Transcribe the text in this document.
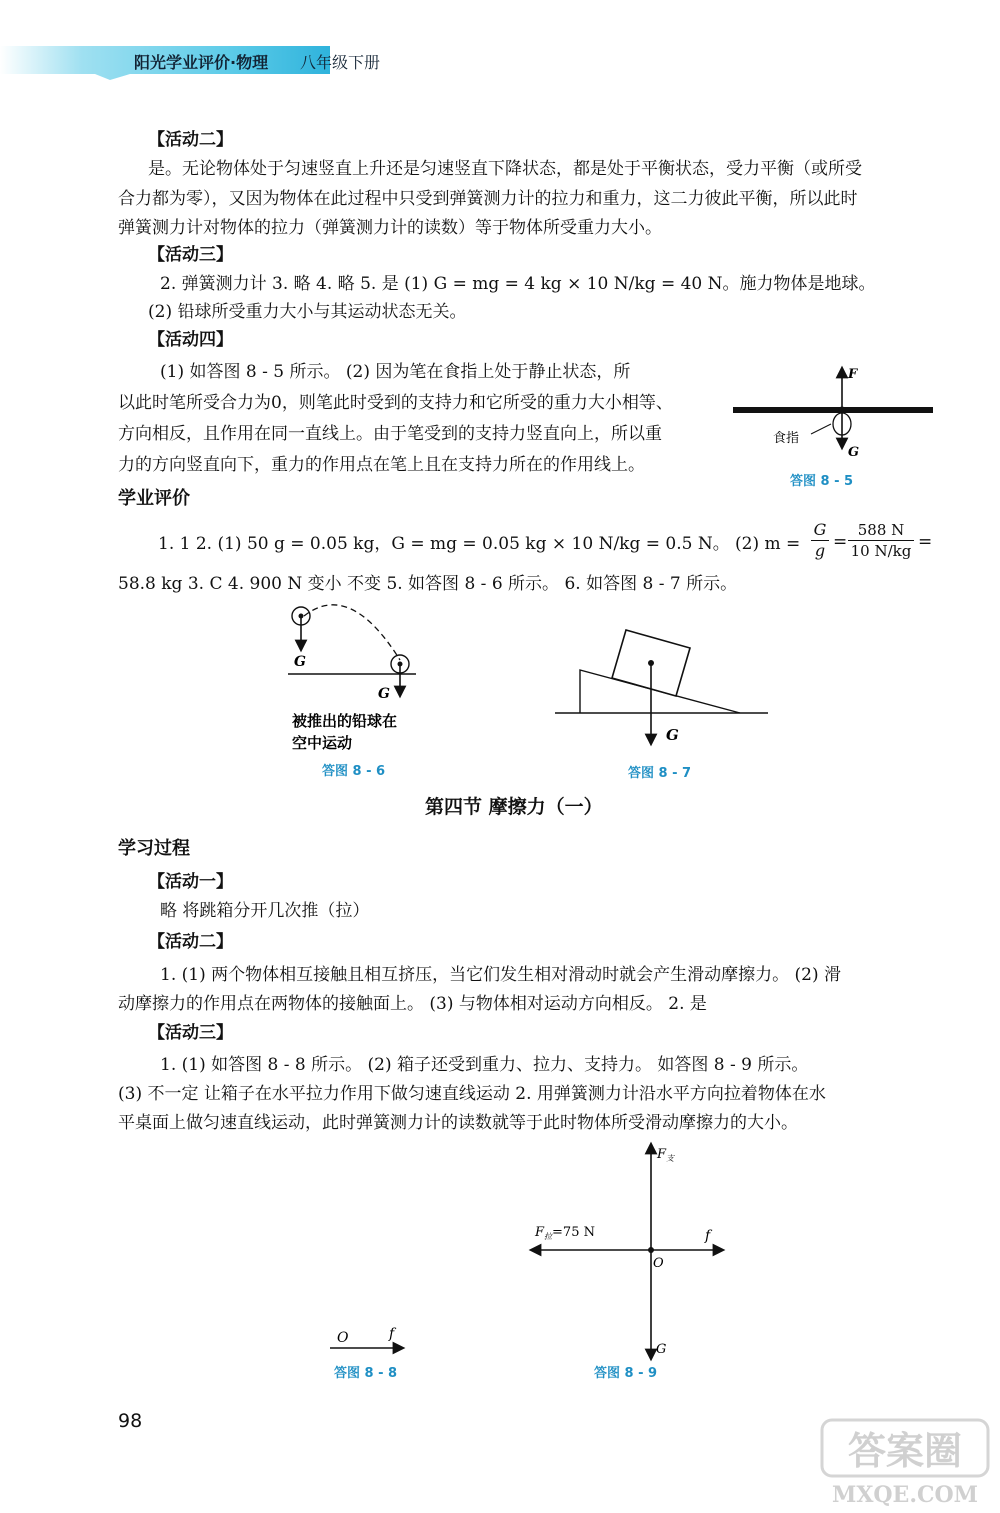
阳光学业评价·物理 八年级下册
【活动二】
是。无论物体处于匀速竖直上升还是匀速竖直下降状态，都是处于平衡状态，受力平衡（或所受
合力都为零），又因为物体在此过程中只受到弹簧测力计的拉力和重力，这二力彼此平衡，所以此时
弹簧测力计对物体的拉力（弹簧测力计的读数）等于物体所受重力大小。
【活动三】
2. 弹簧测力计 3. 略 4. 略 5. 是 (1) G = mg = 4 kg × 10 N/kg = 40 N。施力物体是地球。
(2) 铅球所受重力大小与其运动状态无关。
【活动四】
(1) 如答图 8 - 5 所示。 (2) 因为笔在食指上处于静止状态，所
以此时笔所受合力为0，则笔此时受到的支持力和它所受的重力大小相等、
方向相反，且作用在同一直线上。由于笔受到的支持力竖直向上，所以重
力的方向竖直向下，重力的作用点在笔上且在支持力所在的作用线上。
F
G
食指
答图 8 - 5
学业评价
1. 1 2. (1) 50 g = 0.05 kg，G = mg = 0.05 kg × 10 N/kg = 0.5 N。 (2) $m = \frac{G}{g} = \frac{588 N}{10 N/kg}$ =
58.8 kg 3. C 4. 900 N 变小 不变 5. 如答图 8 - 6 所示。 6. 如答图 8 - 7 所示。
G
G
被推出的铅球在
空中运动
答图 8 - 6
G
答图 8 - 7
第四节 摩擦力（一）
学习过程
【活动一】
略 将跳箱分开几次推（拉）
【活动二】
1. (1) 两个物体相互接触且相互挤压，当它们发生相对滑动时就会产生滑动摩擦力。 (2) 滑
动摩擦力的作用点在两物体的接触面上。 (3) 与物体相对运动方向相反。 2. 是
【活动三】
1. (1) 如答图 8 - 8 所示。 (2) 箱子还受到重力、拉力、支持力。 如答图 8 - 9 所示。
(3) 不一定 让箱子在水平拉力作用下做匀速直线运动 2. 用弹簧测力计沿水平方向拉着物体在水
平桌面上做匀速直线运动，此时弹簧测力计的读数就等于此时物体所受滑动摩擦力的大小。
O	f
答图 8 - 8
$F_支$
$F_拉=75$ N	f
O
G
答图 8 - 9
98
答案圈
MXQE.COM
